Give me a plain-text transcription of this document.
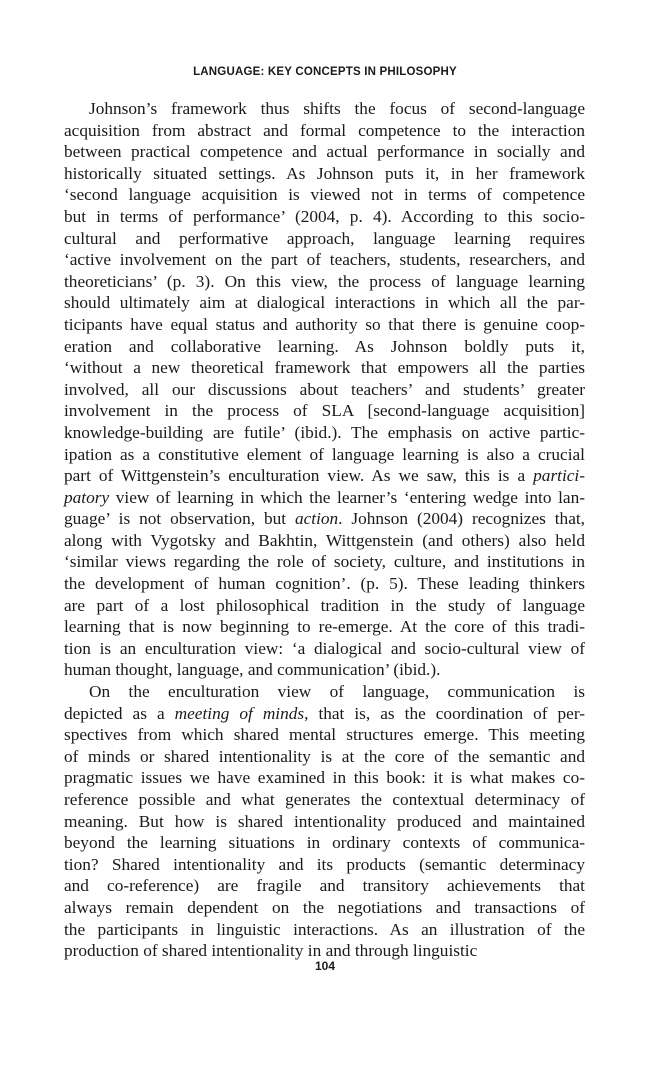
LANGUAGE: KEY CONCEPTS IN PHILOSOPHY
Johnson’s framework thus shifts the focus of second-language
acquisition from abstract and formal competence to the interaction
between practical competence and actual performance in socially and
historically situated settings. As Johnson puts it, in her framework
‘second language acquisition is viewed not in terms of competence
but in terms of performance’ (2004, p. 4). According to this socio-
cultural and performative approach, language learning requires
‘active involvement on the part of teachers, students, researchers, and
theoreticians’ (p. 3). On this view, the process of language learning
should ultimately aim at dialogical interactions in which all the par-
ticipants have equal status and authority so that there is genuine coop-
eration and collaborative learning. As Johnson boldly puts it,
‘without a new theoretical framework that empowers all the parties
involved, all our discussions about teachers’ and students’ greater
involvement in the process of SLA [second-language acquisition]
knowledge-building are futile’ (ibid.). The emphasis on active partic-
ipation as a constitutive element of language learning is also a crucial
part of Wittgenstein’s enculturation view. As we saw, this is a partici-
patory view of learning in which the learner’s ‘entering wedge into lan-
guage’ is not observation, but action. Johnson (2004) recognizes that,
along with Vygotsky and Bakhtin, Wittgenstein (and others) also held
‘similar views regarding the role of society, culture, and institutions in
the development of human cognition’. (p. 5). These leading thinkers
are part of a lost philosophical tradition in the study of language
learning that is now beginning to re-emerge. At the core of this tradi-
tion is an enculturation view: ‘a dialogical and socio-cultural view of
human thought, language, and communication’ (ibid.).
On the enculturation view of language, communication is
depicted as a meeting of minds, that is, as the coordination of per-
spectives from which shared mental structures emerge. This meeting
of minds or shared intentionality is at the core of the semantic and
pragmatic issues we have examined in this book: it is what makes co-
reference possible and what generates the contextual determinacy of
meaning. But how is shared intentionality produced and maintained
beyond the learning situations in ordinary contexts of communica-
tion? Shared intentionality and its products (semantic determinacy
and co-reference) are fragile and transitory achievements that
always remain dependent on the negotiations and transactions of
the participants in linguistic interactions. As an illustration of the
production of shared intentionality in and through linguistic
104
